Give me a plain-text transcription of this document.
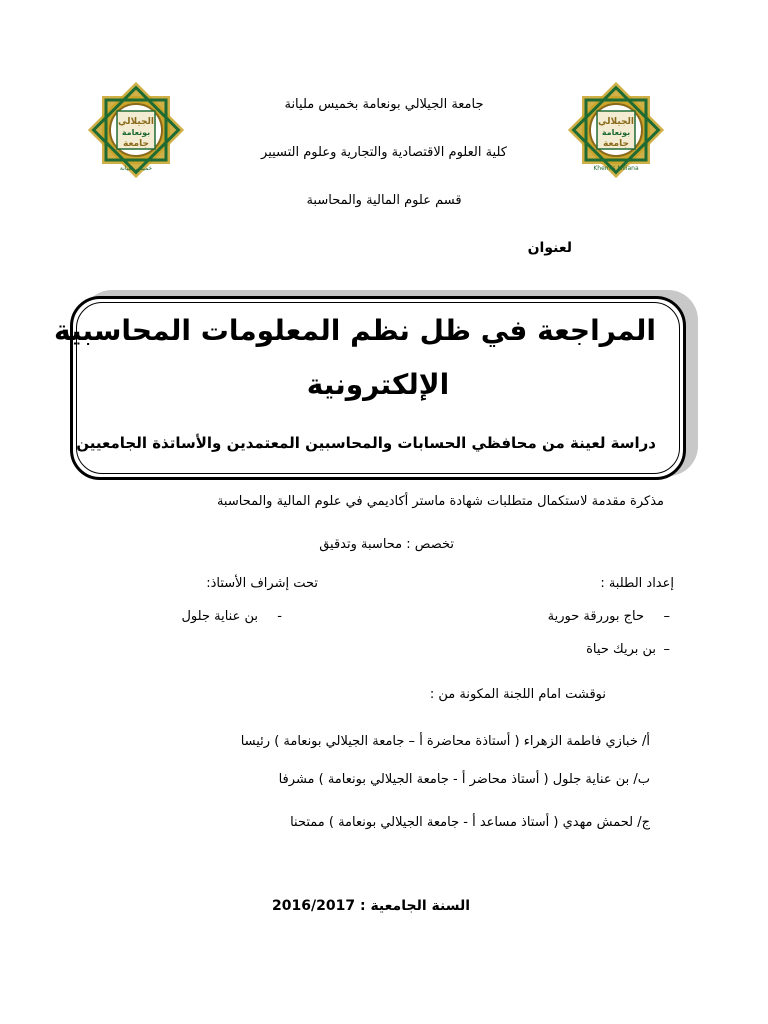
الجيلالي
بونعامة
جامعة
خميس مليانة
الجيلالي
بونعامة
جامعة
Khemis Miliana
جامعة الجيلالي بونعامة بخميس مليانة
كلية العلوم الاقتصادية والتجارية وعلوم التسيير
قسم علوم المالية والمحاسبة
لعنوان
المراجعة في ظل نظم المعلومات المحاسبية
الإلكترونية
دراسة لعينة من محافظي الحسابات والمحاسبين المعتمدين والأساتذة الجامعيين
مذكرة مقدمة لاستكمال متطلبات شهادة ماستر أكاديمي في علوم المالية والمحاسبة
تخصص : محاسبة وتدقيق
إعداد الطلبة :
تحت إشراف الأستاذ:
–
حاج بوررقة حورية
-
بن عناية جلول
–
بن بريك حياة
نوقشت امام اللجنة المكونة من :
أ/ خبازي فاطمة الزهراء ( أستاذة محاضرة أ – جامعة الجيلالي بونعامة ) رئيسا
ب/ بن عناية جلول ( أستاذ محاضر أ - جامعة الجيلالي بونعامة ) مشرفا
ج/ لحمش مهدي ( أستاذ مساعد أ - جامعة الجيلالي بونعامة ) ممتحنا
السنة الجامعية : 2016/2017
